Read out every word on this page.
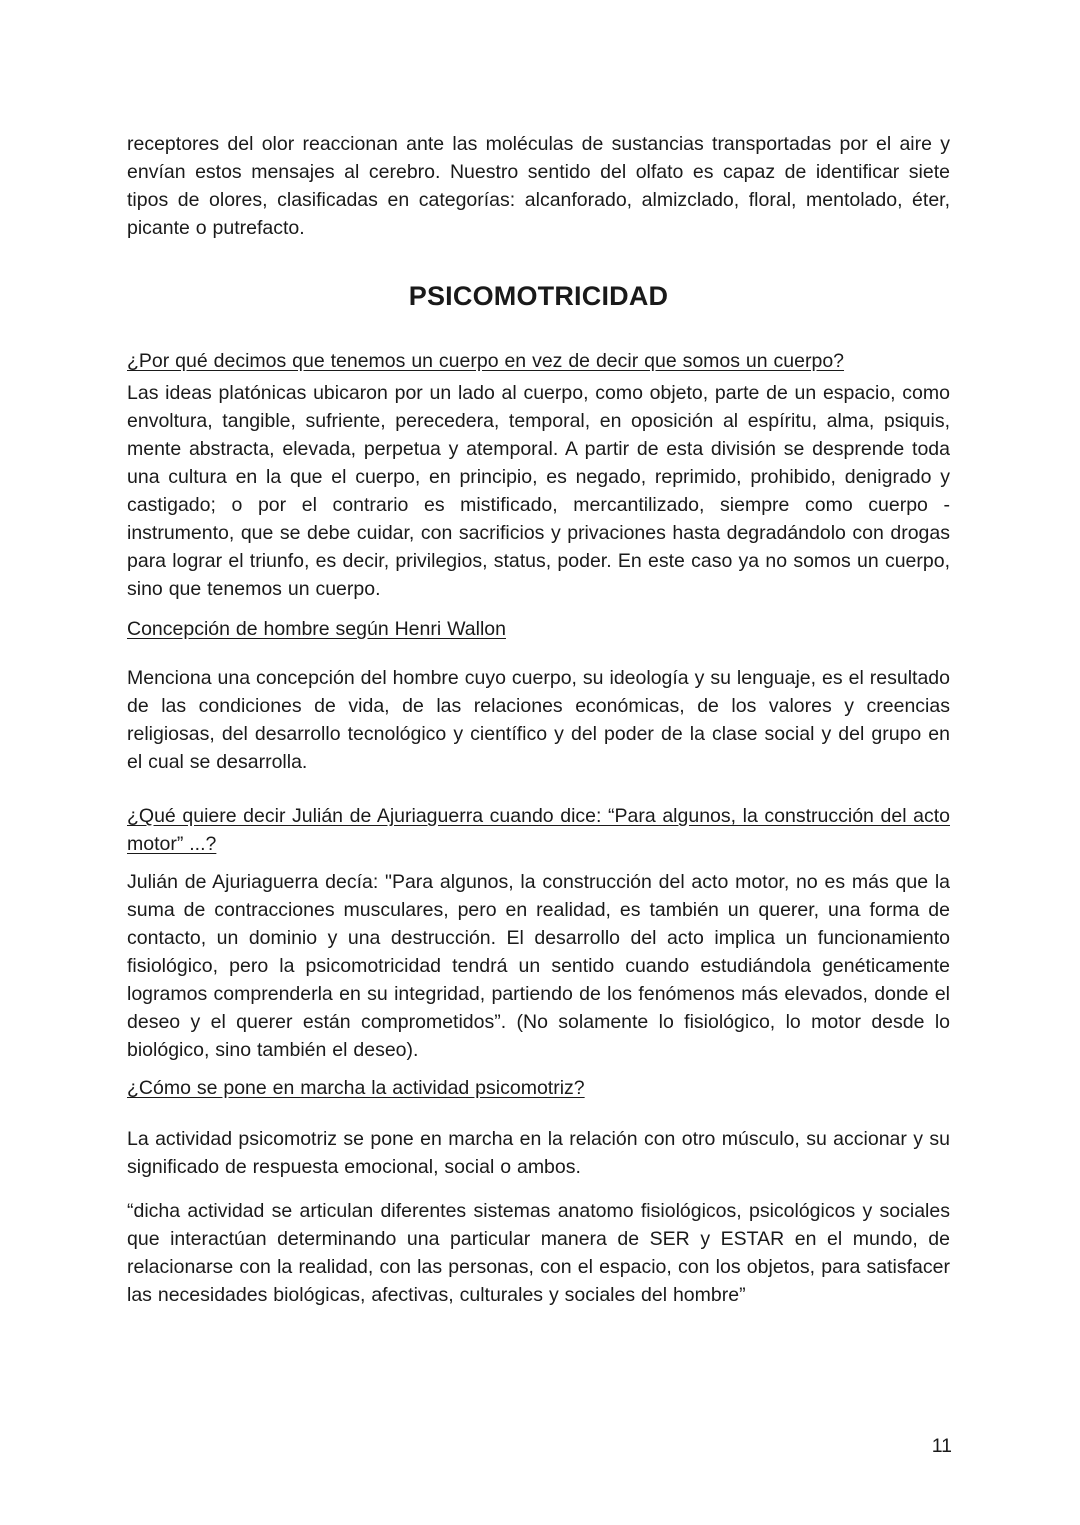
receptores del olor reaccionan ante las moléculas de sustancias transportadas por el aire y envían estos mensajes al cerebro. Nuestro sentido del olfato es capaz de identificar siete tipos de olores, clasificadas en categorías: alcanforado, almizclado, floral, mentolado, éter, picante o putrefacto.

PSICOMOTRICIDAD

¿Por qué decimos que tenemos un cuerpo en vez de decir que somos un cuerpo?

Las ideas platónicas ubicaron por un lado al cuerpo, como objeto, parte de un espacio, como envoltura, tangible, sufriente, perecedera, temporal, en oposición al espíritu, alma, psiquis, mente abstracta, elevada, perpetua y atemporal. A partir de esta división se desprende toda una cultura en la que el cuerpo, en principio, es negado, reprimido, prohibido, denigrado y castigado; o por el contrario es mistificado, mercantilizado, siempre como cuerpo - instrumento, que se debe cuidar, con sacrificios y privaciones hasta degradándolo con drogas para lograr el triunfo, es decir, privilegios, status, poder. En este caso ya no somos un cuerpo, sino que tenemos un cuerpo.

Concepción de hombre según Henri Wallon

Menciona una concepción del hombre cuyo cuerpo, su ideología y su lenguaje, es el resultado de las condiciones de vida, de las relaciones económicas, de los valores y creencias religiosas, del desarrollo tecnológico y científico y del poder de la clase social y del grupo en el cual se desarrolla.

¿Qué quiere decir Julián de Ajuriaguerra cuando dice: “Para algunos, la construcción del acto motor” ...?

Julián de Ajuriaguerra decía: "Para algunos, la construcción del acto motor, no es más que la suma de contracciones musculares, pero en realidad, es también un querer, una forma de contacto, un dominio y una destrucción. El desarrollo del acto implica un funcionamiento fisiológico, pero la psicomotricidad tendrá un sentido cuando estudiándola genéticamente logramos comprenderla en su integridad, partiendo de los fenómenos más elevados, donde el deseo y el querer están comprometidos”. (No solamente lo fisiológico, lo motor desde lo biológico, sino también el deseo).

¿Cómo se pone en marcha la actividad psicomotriz?

La actividad psicomotriz se pone en marcha en la relación con otro músculo, su accionar y su significado de respuesta emocional, social o ambos.

“dicha actividad se articulan diferentes sistemas anatomo fisiológicos, psicológicos y sociales que interactúan determinando una particular manera de SER y ESTAR en el mundo, de relacionarse con la realidad, con las personas, con el espacio, con los objetos, para satisfacer las necesidades biológicas, afectivas, culturales y sociales del hombre”

11
